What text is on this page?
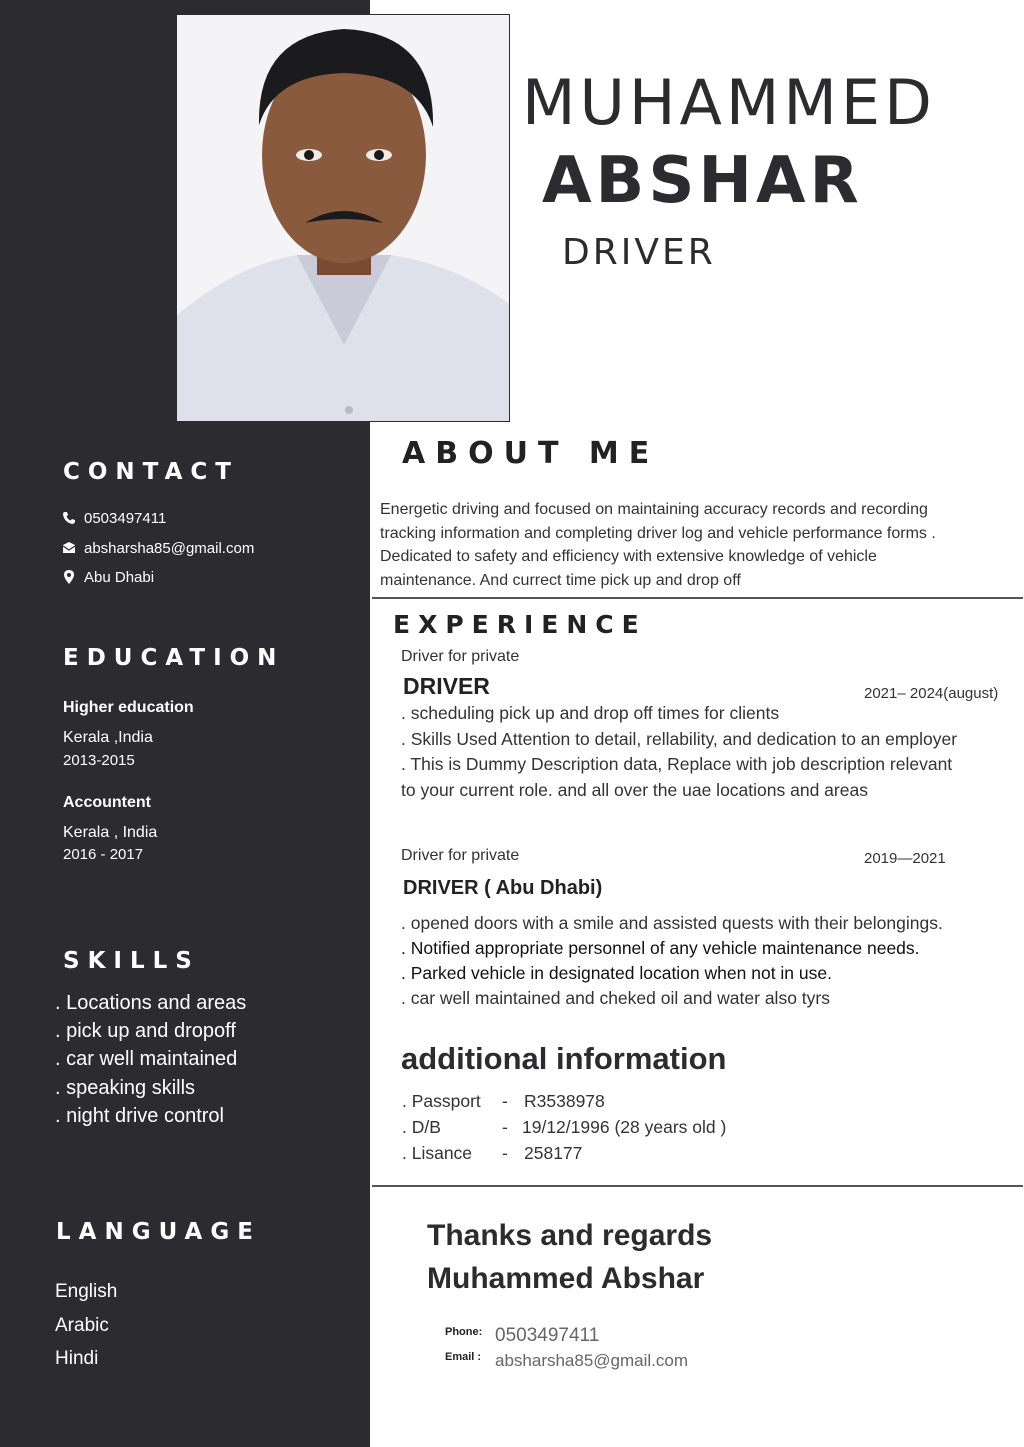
MUHAMMED
ABSHAR
DRIVER
CONTACT
0503497411
absharsha85@gmail.com
Abu Dhabi
EDUCATION
Higher education
Kerala ,India
2013-2015
Accountent
Kerala , India
2016 - 2017
SKILLS
. Locations and areas
. pick up and dropoff
. car well maintained
. speaking skills
. night drive control
LANGUAGE
English
Arabic
Hindi
ABOUT ME
Energetic driving and focused on maintaining accuracy records and recording
tracking information and completing driver log and vehicle performance forms .
Dedicated to safety and efficiency with extensive knowledge of vehicle
maintenance. And currect time pick up and drop off
EXPERIENCE
Driver for private
DRIVER	2021– 2024(august)
. scheduling pick up and drop off times for clients
. Skills Used Attention to detail, rellability, and dedication to an employer
. This is Dummy Description data, Replace with job description relevant
to your current role. and all over the uae locations and areas
Driver for private	2019—2021
DRIVER ( Abu Dhabi)
. opened doors with a smile and assisted quests with their belongings.
. Notified appropriate personnel of any vehicle maintenance needs.
. Parked vehicle in designated location when not in use.
. car well maintained and cheked oil and water also tyrs
additional information
. Passport - R3538978
. D/B	- 19/12/1996 (28 years old )
. Lisance - 258177
Thanks and regards
Muhammed Abshar
Phone: 0503497411
Email : absharsha85@gmail.com
